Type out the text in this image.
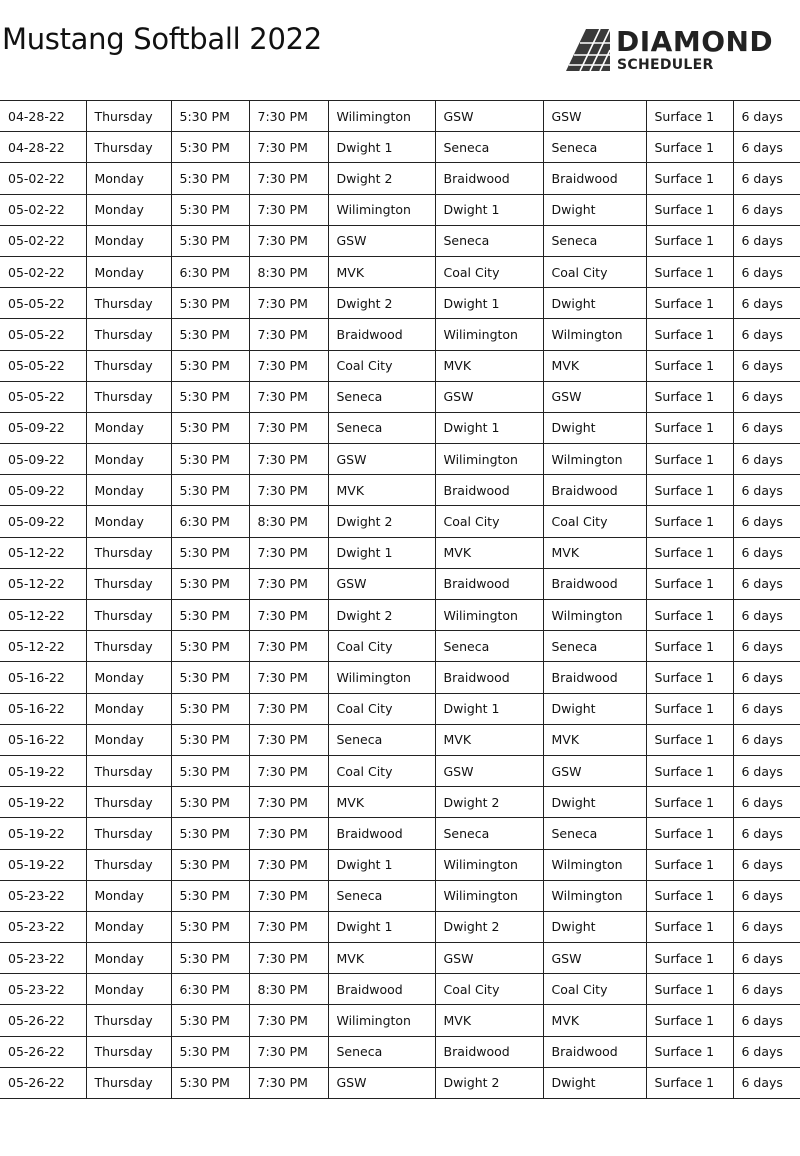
Mustang Softball 2022	DIAMOND
SCHEDULER
04-28-22	Thursday	5:30 PM	7:30 PM	Wilimington	GSW	GSW	Surface 1	6 days
04-28-22	Thursday	5:30 PM	7:30 PM	Dwight 1	Seneca	Seneca	Surface 1	6 days
05-02-22	Monday	5:30 PM	7:30 PM	Dwight 2	Braidwood	Braidwood	Surface 1	6 days
05-02-22	Monday	5:30 PM	7:30 PM	Wilimington	Dwight 1	Dwight	Surface 1	6 days
05-02-22	Monday	5:30 PM	7:30 PM	GSW	Seneca	Seneca	Surface 1	6 days
05-02-22	Monday	6:30 PM	8:30 PM	MVK	Coal City	Coal City	Surface 1	6 days
05-05-22	Thursday	5:30 PM	7:30 PM	Dwight 2	Dwight 1	Dwight	Surface 1	6 days
05-05-22	Thursday	5:30 PM	7:30 PM	Braidwood	Wilimington	Wilmington	Surface 1	6 days
05-05-22	Thursday	5:30 PM	7:30 PM	Coal City	MVK	MVK	Surface 1	6 days
05-05-22	Thursday	5:30 PM	7:30 PM	Seneca	GSW	GSW	Surface 1	6 days
05-09-22	Monday	5:30 PM	7:30 PM	Seneca	Dwight 1	Dwight	Surface 1	6 days
05-09-22	Monday	5:30 PM	7:30 PM	GSW	Wilimington	Wilmington	Surface 1	6 days
05-09-22	Monday	5:30 PM	7:30 PM	MVK	Braidwood	Braidwood	Surface 1	6 days
05-09-22	Monday	6:30 PM	8:30 PM	Dwight 2	Coal City	Coal City	Surface 1	6 days
05-12-22	Thursday	5:30 PM	7:30 PM	Dwight 1	MVK	MVK	Surface 1	6 days
05-12-22	Thursday	5:30 PM	7:30 PM	GSW	Braidwood	Braidwood	Surface 1	6 days
05-12-22	Thursday	5:30 PM	7:30 PM	Dwight 2	Wilimington	Wilmington	Surface 1	6 days
05-12-22	Thursday	5:30 PM	7:30 PM	Coal City	Seneca	Seneca	Surface 1	6 days
05-16-22	Monday	5:30 PM	7:30 PM	Wilimington	Braidwood	Braidwood	Surface 1	6 days
05-16-22	Monday	5:30 PM	7:30 PM	Coal City	Dwight 1	Dwight	Surface 1	6 days
05-16-22	Monday	5:30 PM	7:30 PM	Seneca	MVK	MVK	Surface 1	6 days
05-19-22	Thursday	5:30 PM	7:30 PM	Coal City	GSW	GSW	Surface 1	6 days
05-19-22	Thursday	5:30 PM	7:30 PM	MVK	Dwight 2	Dwight	Surface 1	6 days
05-19-22	Thursday	5:30 PM	7:30 PM	Braidwood	Seneca	Seneca	Surface 1	6 days
05-19-22	Thursday	5:30 PM	7:30 PM	Dwight 1	Wilimington	Wilmington	Surface 1	6 days
05-23-22	Monday	5:30 PM	7:30 PM	Seneca	Wilimington	Wilmington	Surface 1	6 days
05-23-22	Monday	5:30 PM	7:30 PM	Dwight 1	Dwight 2	Dwight	Surface 1	6 days
05-23-22	Monday	5:30 PM	7:30 PM	MVK	GSW	GSW	Surface 1	6 days
05-23-22	Monday	6:30 PM	8:30 PM	Braidwood	Coal City	Coal City	Surface 1	6 days
05-26-22	Thursday	5:30 PM	7:30 PM	Wilimington	MVK	MVK	Surface 1	6 days
05-26-22	Thursday	5:30 PM	7:30 PM	Seneca	Braidwood	Braidwood	Surface 1	6 days
05-26-22	Thursday	5:30 PM	7:30 PM	GSW	Dwight 2	Dwight	Surface 1	6 days
